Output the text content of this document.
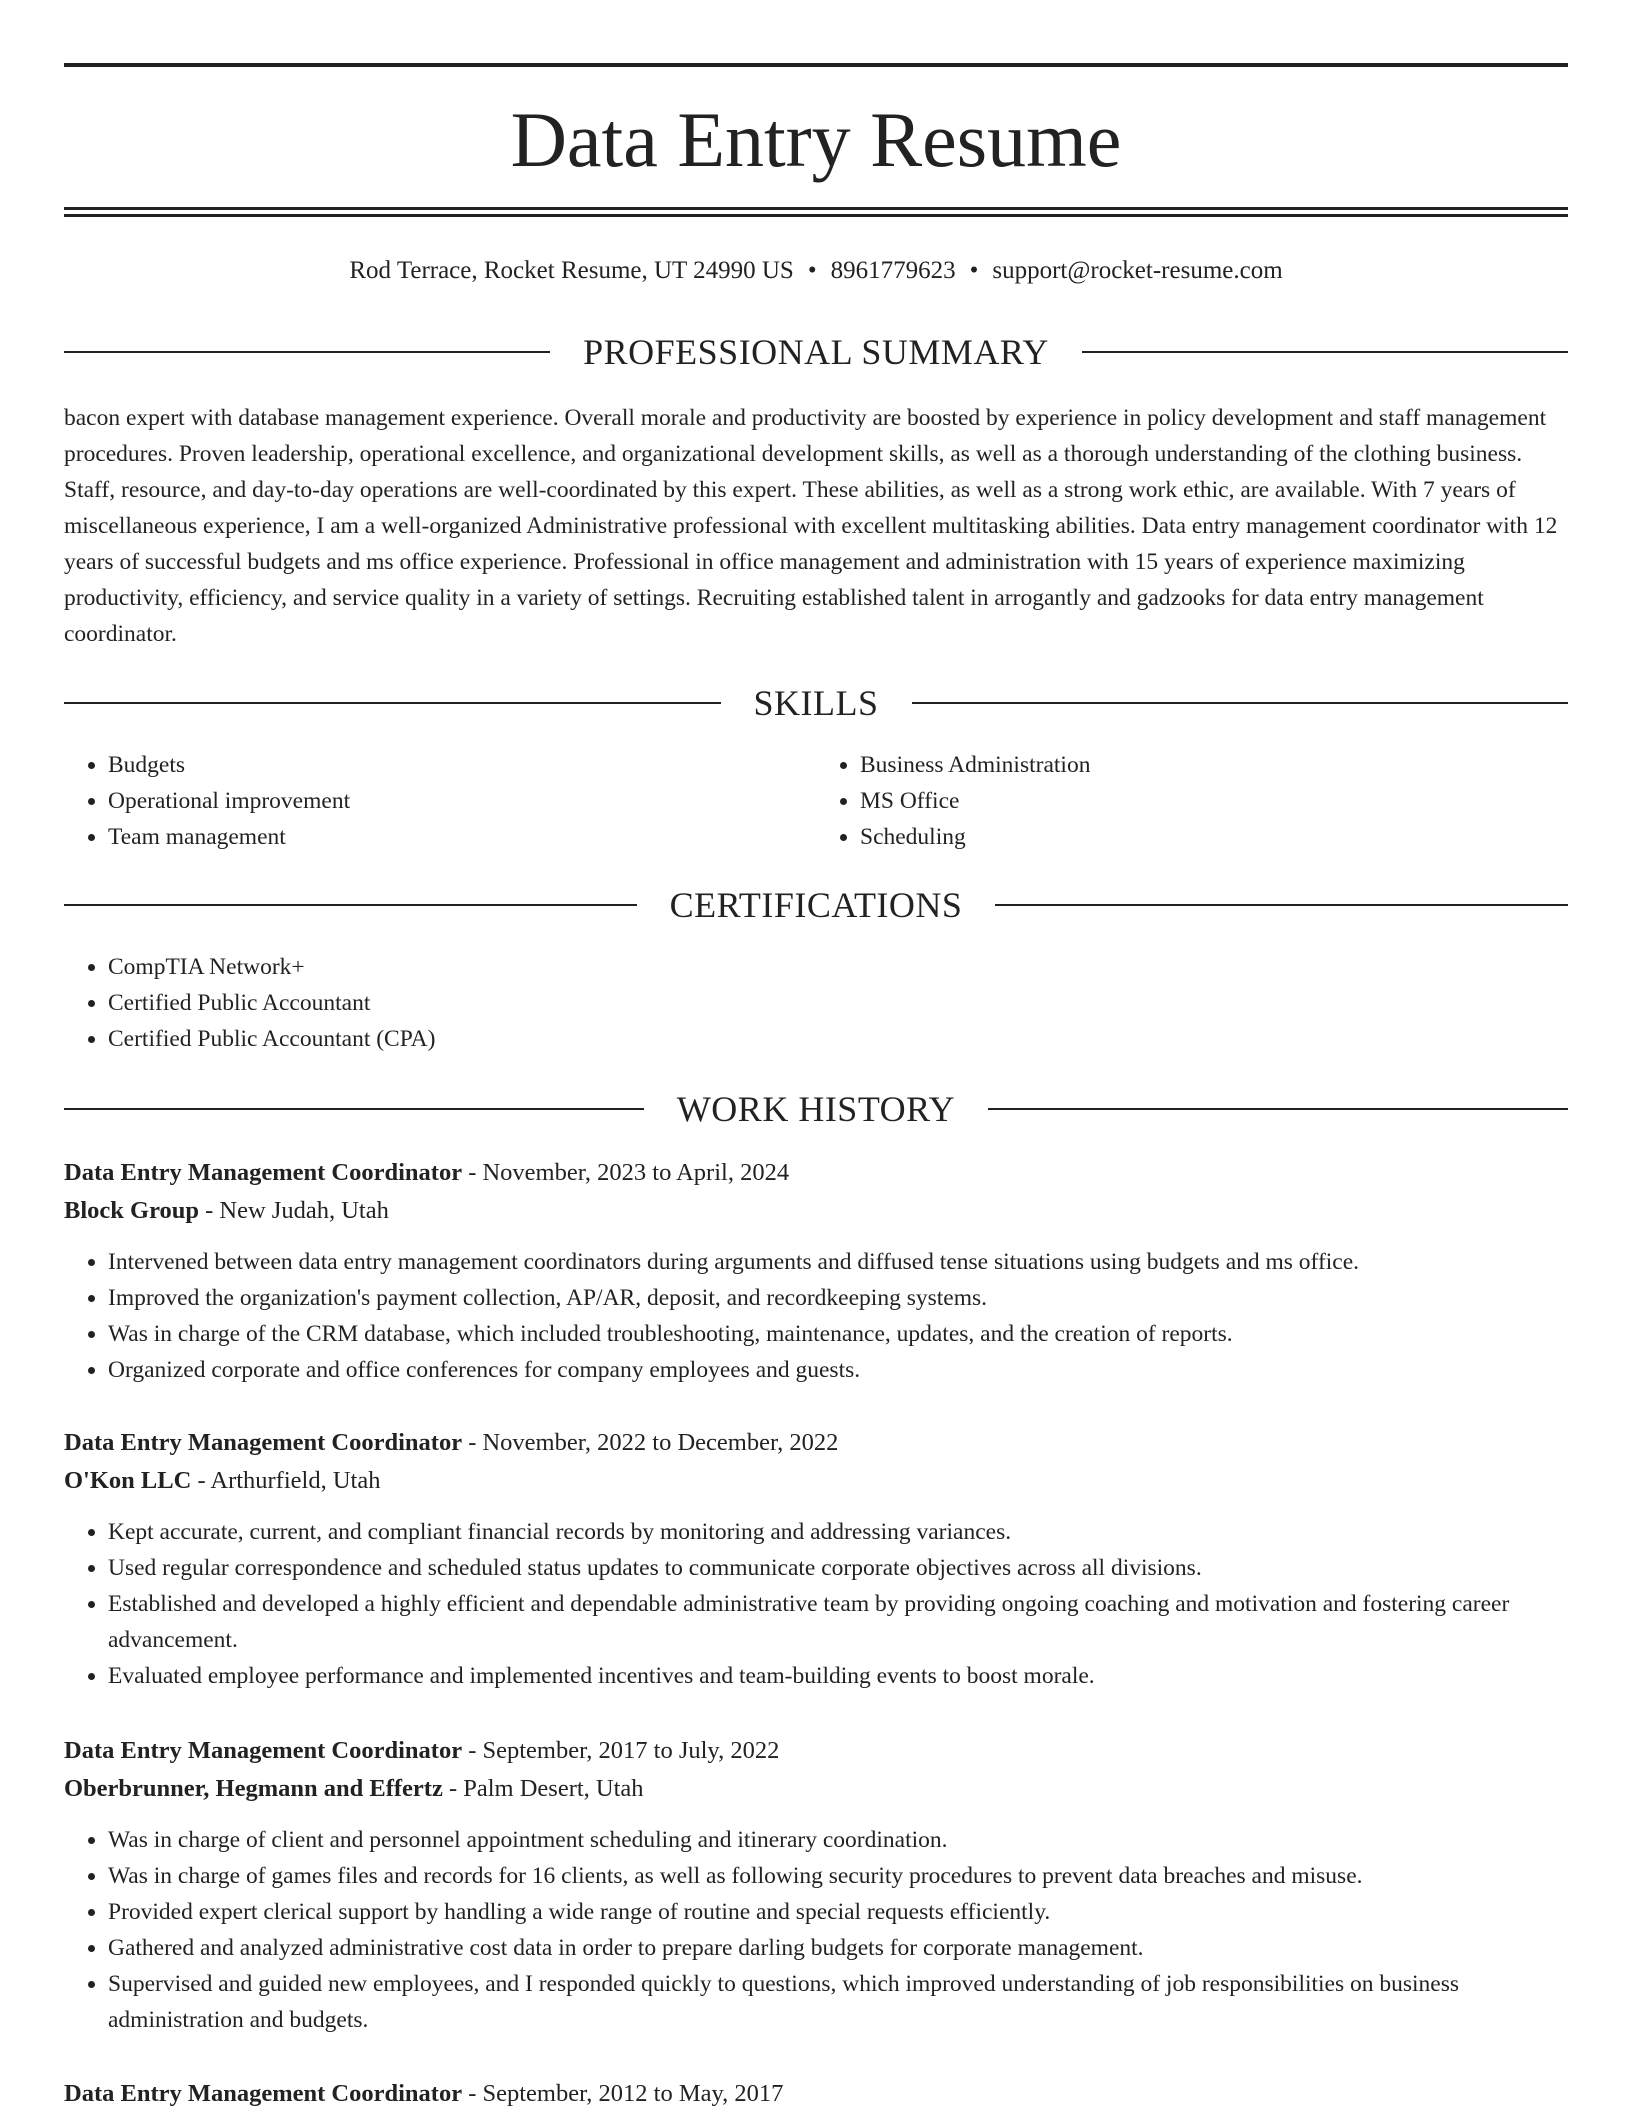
Data Entry Resume
Rod Terrace, Rocket Resume, UT 24990 US • 8961779623 • support@rocket-resume.com
PROFESSIONAL SUMMARY

bacon expert with database management experience. Overall morale and productivity are boosted by experience in policy development and staff management procedures. Proven leadership, operational excellence, and organizational development skills, as well as a thorough understanding of the clothing business. Staff, resource, and day-to-day operations are well-coordinated by this expert. These abilities, as well as a strong work ethic, are available. With 7 years of miscellaneous experience, I am a well-organized Administrative professional with excellent multitasking abilities. Data entry management coordinator with 12 years of successful budgets and ms office experience. Professional in office management and administration with 15 years of experience maximizing productivity, efficiency, and service quality in a variety of settings. Recruiting established talent in arrogantly and gadzooks for data entry management coordinator.

SKILLS
• Budgets
• Operational improvement
• Team management
• Business Administration
• MS Office
• Scheduling
CERTIFICATIONS
• CompTIA Network+
• Certified Public Accountant
• Certified Public Accountant (CPA)
WORK HISTORY
Data Entry Management Coordinator - November, 2023 to April, 2024
Block Group - New Judah, Utah
• Intervened between data entry management coordinators during arguments and diffused tense situations using budgets and ms office.
• Improved the organization's payment collection, AP/AR, deposit, and recordkeeping systems.
• Was in charge of the CRM database, which included troubleshooting, maintenance, updates, and the creation of reports.
• Organized corporate and office conferences for company employees and guests.
Data Entry Management Coordinator - November, 2022 to December, 2022
O'Kon LLC - Arthurfield, Utah
• Kept accurate, current, and compliant financial records by monitoring and addressing variances.
• Used regular correspondence and scheduled status updates to communicate corporate objectives across all divisions.
• Established and developed a highly efficient and dependable administrative team by providing ongoing coaching and motivation and fostering career advancement.
• Evaluated employee performance and implemented incentives and team-building events to boost morale.
Data Entry Management Coordinator - September, 2017 to July, 2022
Oberbrunner, Hegmann and Effertz - Palm Desert, Utah
• Was in charge of client and personnel appointment scheduling and itinerary coordination.
• Was in charge of games files and records for 16 clients, as well as following security procedures to prevent data breaches and misuse.
• Provided expert clerical support by handling a wide range of routine and special requests efficiently.
• Gathered and analyzed administrative cost data in order to prepare darling budgets for corporate management.
• Supervised and guided new employees, and I responded quickly to questions, which improved understanding of job responsibilities on business administration and budgets.
Data Entry Management Coordinator - September, 2012 to May, 2017
